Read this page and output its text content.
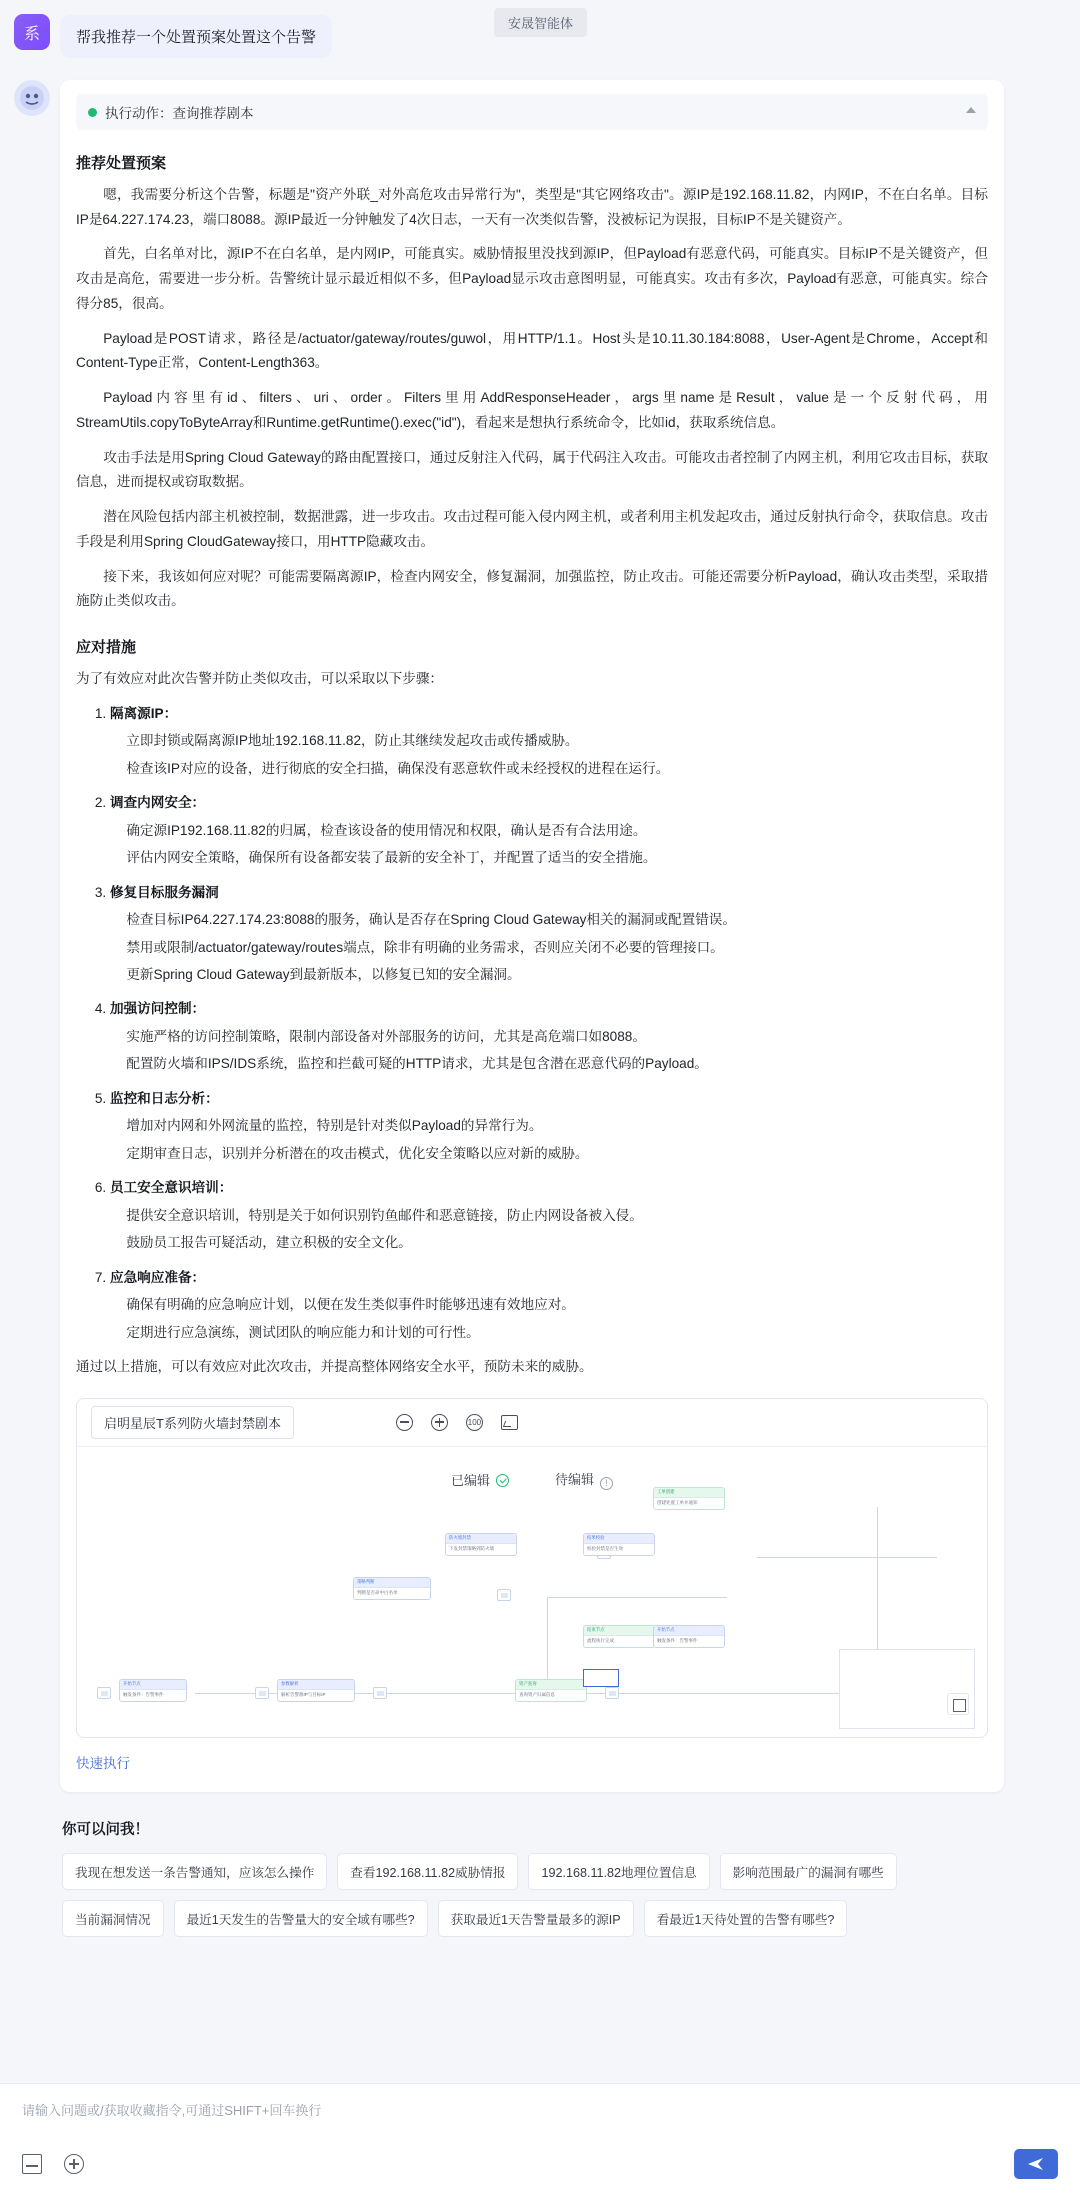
安晟智能体
系	帮我推荐一个处置预案处置这个告警
执行动作：查询推荐剧本
推荐处置预案

嗯，我需要分析这个告警，标题是"资产外联_对外高危攻击异常行为"，类型是"其它网络攻击"。源IP是192.168.11.82，内网IP，不在白名单。目标IP是64.227.174.23，端口8088。源IP最近一分钟触发了4次日志，一天有一次类似告警，没被标记为误报，目标IP不是关键资产。

首先，白名单对比，源IP不在白名单，是内网IP，可能真实。威胁情报里没找到源IP，但Payload有恶意代码，可能真实。目标IP不是关键资产，但攻击是高危，需要进一步分析。告警统计显示最近相似不多，但Payload显示攻击意图明显，可能真实。攻击有多次，Payload有恶意，可能真实。综合得分85，很高。

Payload是POST请求，路径是/actuator/gateway/routes/guwol，用HTTP/1.1。Host头是10.11.30.184:8088，User-Agent是Chrome，Accept和Content-Type正常，Content-Length363。

Payload内容里有id、filters、uri、order。Filters里用AddResponseHeader，args里name是Result，value是一个反射代码，用StreamUtils.copyToByteArray和Runtime.getRuntime().exec("id")，看起来是想执行系统命令，比如id，获取系统信息。

攻击手法是用Spring Cloud Gateway的路由配置接口，通过反射注入代码，属于代码注入攻击。可能攻击者控制了内网主机，利用它攻击目标，获取信息，进而提权或窃取数据。

潜在风险包括内部主机被控制，数据泄露，进一步攻击。攻击过程可能入侵内网主机，或者利用主机发起攻击，通过反射执行命令，获取信息。攻击手段是利用Spring CloudGateway接口，用HTTP隐藏攻击。

接下来，我该如何应对呢？可能需要隔离源IP，检查内网安全，修复漏洞，加强监控，防止攻击。可能还需要分析Payload，确认攻击类型，采取措施防止类似攻击。

应对措施

为了有效应对此次告警并防止类似攻击，可以采取以下步骤：

1. 隔离源IP：
立即封锁或隔离源IP地址192.168.11.82，防止其继续发起攻击或传播威胁。
检查该IP对应的设备，进行彻底的安全扫描，确保没有恶意软件或未经授权的进程在运行。
2. 调查内网安全：
确定源IP192.168.11.82的归属，检查该设备的使用情况和权限，确认是否有合法用途。
评估内网安全策略，确保所有设备都安装了最新的安全补丁，并配置了适当的安全措施。
3. 修复目标服务漏洞
检查目标IP64.227.174.23:8088的服务，确认是否存在Spring Cloud Gateway相关的漏洞或配置错误。
禁用或限制/actuator/gateway/routes端点，除非有明确的业务需求，否则应关闭不必要的管理接口。
更新Spring Cloud Gateway到最新版本，以修复已知的安全漏洞。
4. 加强访问控制：
实施严格的访问控制策略，限制内部设备对外部服务的访问，尤其是高危端口如8088。
配置防火墙和IPS/IDS系统，监控和拦截可疑的HTTP请求，尤其是包含潜在恶意代码的Payload。
5. 监控和日志分析：
增加对内网和外网流量的监控，特别是针对类似Payload的异常行为。
定期审查日志，识别并分析潜在的攻击模式，优化安全策略以应对新的威胁。
6. 员工安全意识培训：
提供安全意识培训，特别是关于如何识别钓鱼邮件和恶意链接，防止内网设备被入侵。
鼓励员工报告可疑活动，建立积极的安全文化。
7. 应急响应准备：
确保有明确的应急响应计划，以便在发生类似事件时能够迅速有效地应对。
定期进行应急演练，测试团队的响应能力和计划的可行性。

通过以上措施，可以有效应对此次攻击，并提高整体网络安全水平，预防未来的威胁。

启明星辰T系列防火墙封禁剧本	100
已编辑	待编辑 !
开始节点
触发条件：告警事件
参数解析
解析告警源IP与目标IP
资产查询
查询资产归属信息
策略判断
判断是否命中白名单
防火墙封禁
下发封禁策略到防火墙
结果校验
校验封禁是否生效
工单创建
创建处置工单并通知
结束节点
流程执行完成
开始节点
触发条件：告警事件
快速执行
你可以问我！
我现在想发送一条告警通知，应该怎么操作	查看192.168.11.82威胁情报	192.168.11.82地理位置信息	影响范围最广的漏洞有哪些
当前漏洞情况	最近1天发生的告警量大的安全域有哪些?	获取最近1天告警量最多的源IP	看最近1天待处置的告警有哪些?
请输入问题或/获取收藏指令,可通过SHIFT+回车换行
